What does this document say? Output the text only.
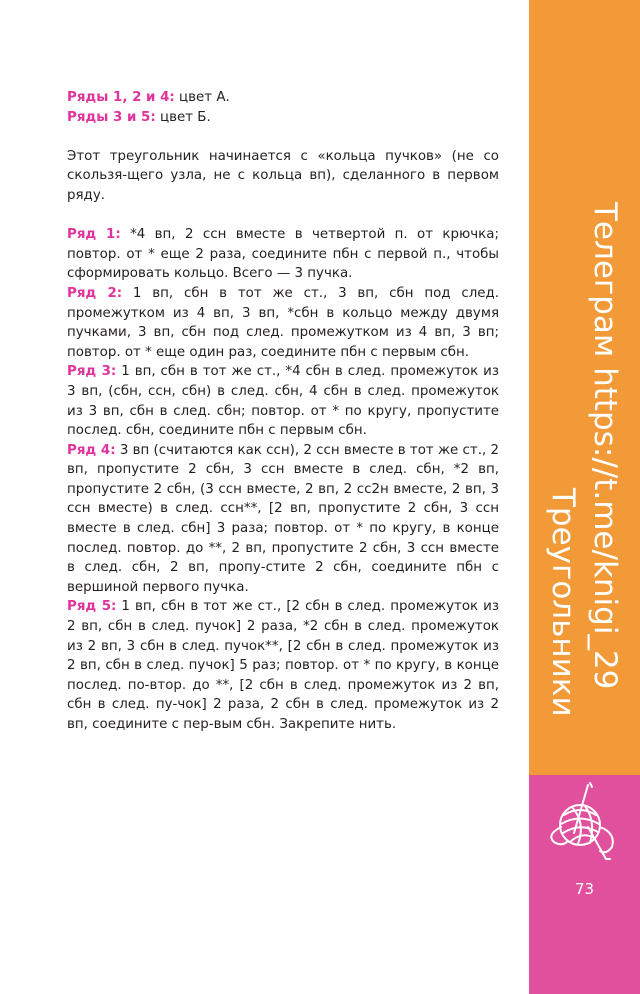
Ряды 1, 2 и 4: цвет А.

Ряды 3 и 5: цвет Б.

Этот треугольник начинается с «кольца пучков» (не со скользя-щего узла, не с кольца вп), сделанного в первом ряду.

Ряд 1: *4 вп, 2 ссн вместе в четвертой п. от крючка; повтор. от * еще 2 раза, соедините пбн с первой п., чтобы сформировать кольцо. Всего — 3 пучка.

Ряд 2: 1 вп, сбн в тот же ст., 3 вп, сбн под след. промежутком из 4 вп, 3 вп, *сбн в кольцо между двумя пучками, 3 вп, сбн под след. промежутком из 4 вп, 3 вп; повтор. от * еще один раз, соедините пбн с первым сбн.

Ряд 3: 1 вп, сбн в тот же ст., *4 сбн в след. промежуток из 3 вп, (сбн, ссн, сбн) в след. сбн, 4 сбн в след. промежуток из 3 вп, сбн в след. сбн; повтор. от * по кругу, пропустите послед. сбн, соедините пбн с первым сбн.

Ряд 4: 3 вп (считаются как ссн), 2 ссн вместе в тот же ст., 2 вп, пропустите 2 сбн, 3 ссн вместе в след. сбн, *2 вп, пропустите 2 сбн, (3 ссн вместе, 2 вп, 2 сс2н вместе, 2 вп, 3 ссн вместе) в след. ссн**, [2 вп, пропустите 2 сбн, 3 ссн вместе в след. сбн] 3 раза; повтор. от * по кругу, в конце послед. повтор. до **, 2 вп, пропустите 2 сбн, 3 ссн вместе в след. сбн, 2 вп, пропу-стите 2 сбн, соедините пбн с вершиной первого пучка.

Ряд 5: 1 вп, сбн в тот же ст., [2 сбн в след. промежуток из 2 вп, сбн в след. пучок] 2 раза, *2 сбн в след. промежуток из 2 вп, 3 сбн в след. пучок**, [2 сбн в след. промежуток из 2 вп, сбн в след. пучок] 5 раз; повтор. от * по кругу, в конце послед. по-втор. до **, [2 сбн в след. промежуток из 2 вп, сбн в след. пу-чок] 2 раза, 2 сбн в след. промежуток из 2 вп, соедините с пер-вым сбн. Закрепите нить.

Телеграм https://t.me/knigi_29
Треугольники
73
